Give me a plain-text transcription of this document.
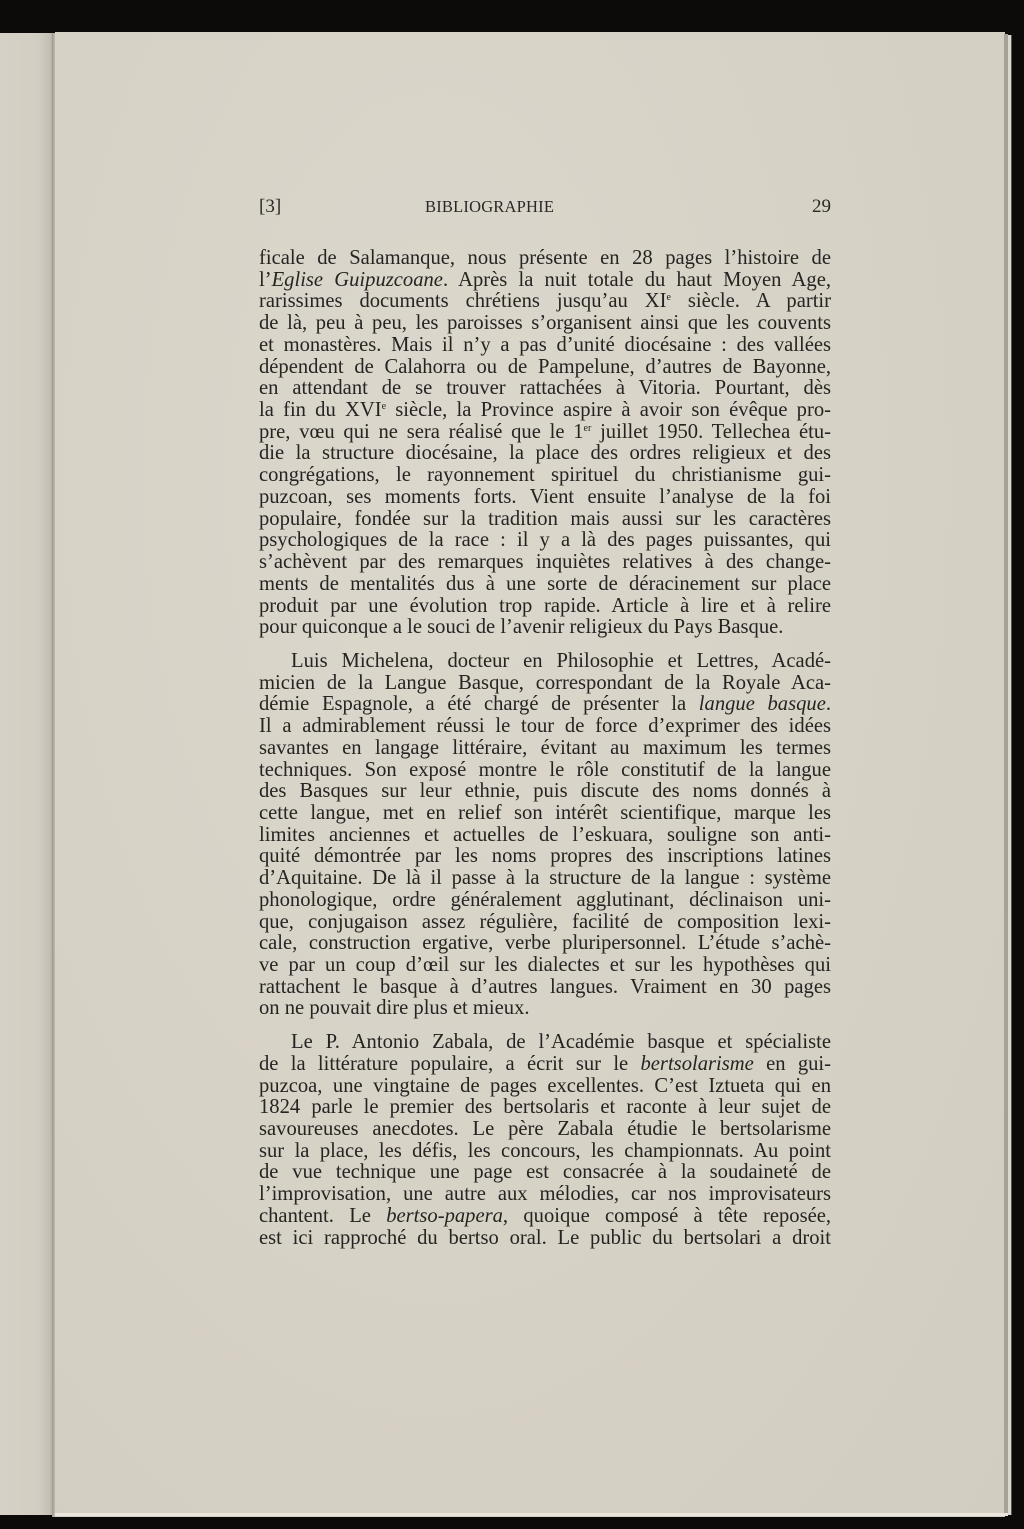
[3]	BIBLIOGRAPHIE	29
ficale de Salamanque, nous présente en 28 pages l’histoire de
l’Eglise Guipuzcoane. Après la nuit totale du haut Moyen Age,
rarissimes documents chrétiens jusqu’au XIe siècle. A partir
de là, peu à peu, les paroisses s’organisent ainsi que les couvents
et monastères. Mais il n’y a pas d’unité diocésaine : des vallées
dépendent de Calahorra ou de Pampelune, d’autres de Bayonne,
en attendant de se trouver rattachées à Vitoria. Pourtant, dès
la fin du XVIe siècle, la Province aspire à avoir son évêque pro-
pre, vœu qui ne sera réalisé que le 1er juillet 1950. Tellechea étu-
die la structure diocésaine, la place des ordres religieux et des
congrégations, le rayonnement spirituel du christianisme gui-
puzcoan, ses moments forts. Vient ensuite l’analyse de la foi
populaire, fondée sur la tradition mais aussi sur les caractères
psychologiques de la race : il y a là des pages puissantes, qui
s’achèvent par des remarques inquiètes relatives à des change-
ments de mentalités dus à une sorte de déracinement sur place
produit par une évolution trop rapide. Article à lire et à relire
pour quiconque a le souci de l’avenir religieux du Pays Basque.
Luis Michelena, docteur en Philosophie et Lettres, Acadé-
micien de la Langue Basque, correspondant de la Royale Aca-
démie Espagnole, a été chargé de présenter la langue basque.
Il a admirablement réussi le tour de force d’exprimer des idées
savantes en langage littéraire, évitant au maximum les termes
techniques. Son exposé montre le rôle constitutif de la langue
des Basques sur leur ethnie, puis discute des noms donnés à
cette langue, met en relief son intérêt scientifique, marque les
limites anciennes et actuelles de l’eskuara, souligne son anti-
quité démontrée par les noms propres des inscriptions latines
d’Aquitaine. De là il passe à la structure de la langue : système
phonologique, ordre généralement agglutinant, déclinaison uni-
que, conjugaison assez régulière, facilité de composition lexi-
cale, construction ergative, verbe pluripersonnel. L’étude s’achè-
ve par un coup d’œil sur les dialectes et sur les hypothèses qui
rattachent le basque à d’autres langues. Vraiment en 30 pages
on ne pouvait dire plus et mieux.
Le P. Antonio Zabala, de l’Académie basque et spécialiste
de la littérature populaire, a écrit sur le bertsolarisme en gui-
puzcoa, une vingtaine de pages excellentes. C’est Iztueta qui en
1824 parle le premier des bertsolaris et raconte à leur sujet de
savoureuses anecdotes. Le père Zabala étudie le bertsolarisme
sur la place, les défis, les concours, les championnats. Au point
de vue technique une page est consacrée à la soudaineté de
l’improvisation, une autre aux mélodies, car nos improvisateurs
chantent. Le bertso-papera, quoique composé à tête reposée,
est ici rapproché du bertso oral. Le public du bertsolari a droit
